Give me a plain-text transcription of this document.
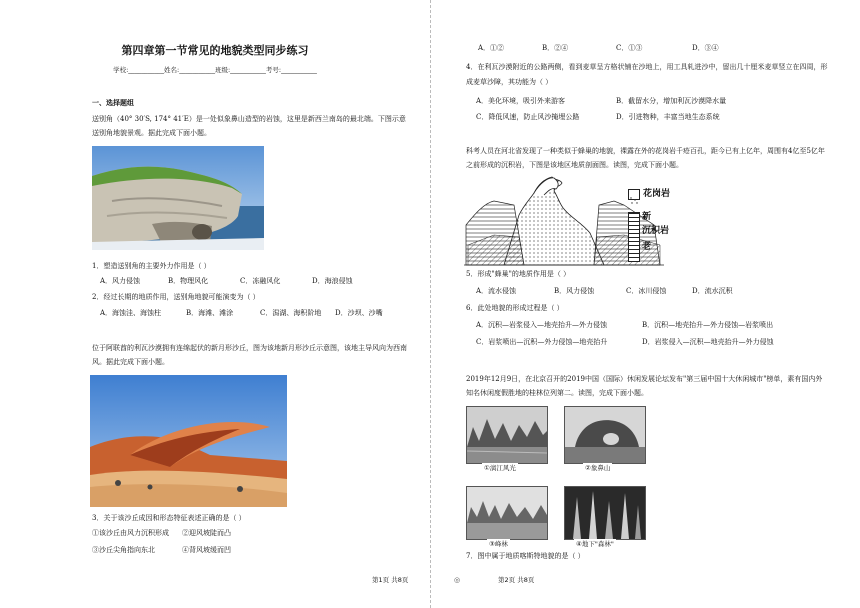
第四章第一节常见的地貌类型同步练习
学校:___________姓名:___________班级:___________考号:___________
一、选择题组
送别角（40° 30′S, 174° 41′E）是一处似象鼻山造型的岩蚀，这里是新西兰南岛的最北端。下图示意送别角地貌景观。据此完成下面小题。
1．塑造送别角的主要外力作用是（ ）
A．风力侵蚀	B．物理风化	C．冻融风化	D．海浪侵蚀
2．经过长期的地质作用，送别角地貌可能演变为（ ）
A．海蚀洼、海蚀柱	B．海滩、滩涂	C．潟湖、海积阶地 D．沙坝、沙嘴
位于阿联酋的利瓦沙漠拥有连绵起伏的新月形沙丘，图为该地新月形沙丘示意图，该地主导风向为西南风。据此完成下面小题。
3．关于该沙丘成因和形态特征表述正确的是（ ）
①该沙丘由风力沉积形成 ②迎风坡陡而凸
③沙丘尖角指向东北	④背风坡缓而凹
A．①②	B．②④	C．①③	D．③④
4．在利瓦沙漠附近的公路两侧，看到麦草呈方格状铺在沙地上，用工具轧进沙中，留出几十厘米麦草竖立在四周，形成麦草沙障，其功能为（ ）
A．美化环境，吸引外来游客	B．截留水分，增加利瓦沙漠降水量
C．降低风速，防止风沙掩埋公路	D．引进物种，丰富当地生态系统
科考人员在河北省发现了一种类似于蜂巢的地貌，裸露在外的花岗岩千疮百孔，距今已有上亿年，周围有4亿至5亿年之前形成的沉积岩，下图是该地区地质剖面图。读图，完成下面小题。
花岗岩
新
沉积岩
老
5．形成"蜂巢"的地质作用是（ ）
A．流水侵蚀	B．风力侵蚀	C．冰川侵蚀	D．流水沉积
6．此处地貌的形成过程是（ ）
A．沉积—岩浆侵入—地壳抬升—外力侵蚀	B．沉积—地壳抬升—外力侵蚀—岩浆喷出
C．岩浆喷出—沉积—外力侵蚀—地壳抬升	D．岩浆侵入—沉积—地壳抬升—外力侵蚀
2019年12月9日，在北京召开的2019中国（国际）休闲发展论坛发布"第三届中国十大休闲城市"榜单，素有国内外知名休闲度假胜地的桂林位列第二。读图，完成下面小题。
①漓江风光	②象鼻山
③峰林	④地下"森林"
7．图中属于地质喀斯特地貌的是（ ）
第1页 共8页	◎	第2页 共8页
